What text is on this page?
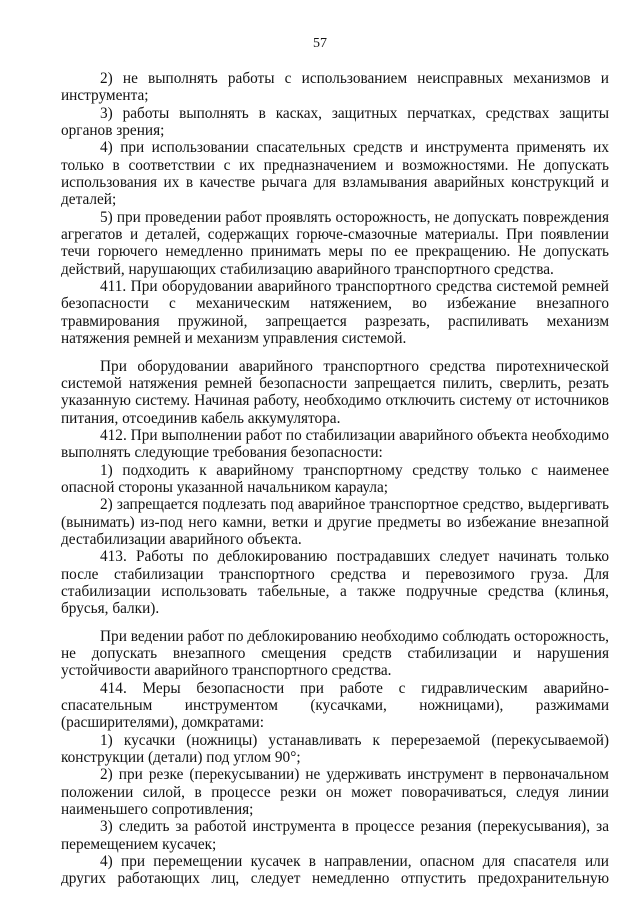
57

2) не выполнять работы с использованием неисправных механизмов и инструмента;

3) работы выполнять в касках, защитных перчатках, средствах защиты органов зрения;

4) при использовании спасательных средств и инструмента применять их только в соответствии с их предназначением и возможностями. Не допускать использования их в качестве рычага для взламывания аварийных конструкций и деталей;

5) при проведении работ проявлять осторожность, не допускать повреждения агрегатов и деталей, содержащих горюче-смазочные материалы. При появлении течи горючего немедленно принимать меры по ее прекращению. Не допускать действий, нарушающих стабилизацию аварийного транспортного средства.

411. При оборудовании аварийного транспортного средства системой ремней безопасности с механическим натяжением, во избежание внезапного травмирования пружиной, запрещается разрезать, распиливать механизм натяжения ремней и механизм управления системой.

При оборудовании аварийного транспортного средства пиротехнической системой натяжения ремней безопасности запрещается пилить, сверлить, резать указанную систему. Начиная работу, необходимо отключить систему от источников питания, отсоединив кабель аккумулятора.

412. При выполнении работ по стабилизации аварийного объекта необходимо выполнять следующие требования безопасности:

1) подходить к аварийному транспортному средству только с наименее опасной стороны указанной начальником караула;

2) запрещается подлезать под аварийное транспортное средство, выдергивать (вынимать) из-под него камни, ветки и другие предметы во избежание внезапной дестабилизации аварийного объекта.

413. Работы по деблокированию пострадавших следует начинать только после стабилизации транспортного средства и перевозимого груза. Для стабилизации использовать табельные, а также подручные средства (клинья, брусья, балки).

При ведении работ по деблокированию необходимо соблюдать осторожность, не допускать внезапного смещения средств стабилизации и нарушения устойчивости аварийного транспортного средства.

414. Меры безопасности при работе с гидравлическим аварийно-спасательным инструментом (кусачками, ножницами), разжимами (расширителями), домкратами:

1) кусачки (ножницы) устанавливать к перерезаемой (перекусываемой) конструкции (детали) под углом 90°;

2) при резке (перекусывании) не удерживать инструмент в первоначальном положении силой, в процессе резки он может поворачиваться, следуя линии наименьшего сопротивления;

3) следить за работой инструмента в процессе резания (перекусывания), за перемещением кусачек;

4) при перемещении кусачек в направлении, опасном для спасателя или других работающих лиц, следует немедленно отпустить предохранительную
